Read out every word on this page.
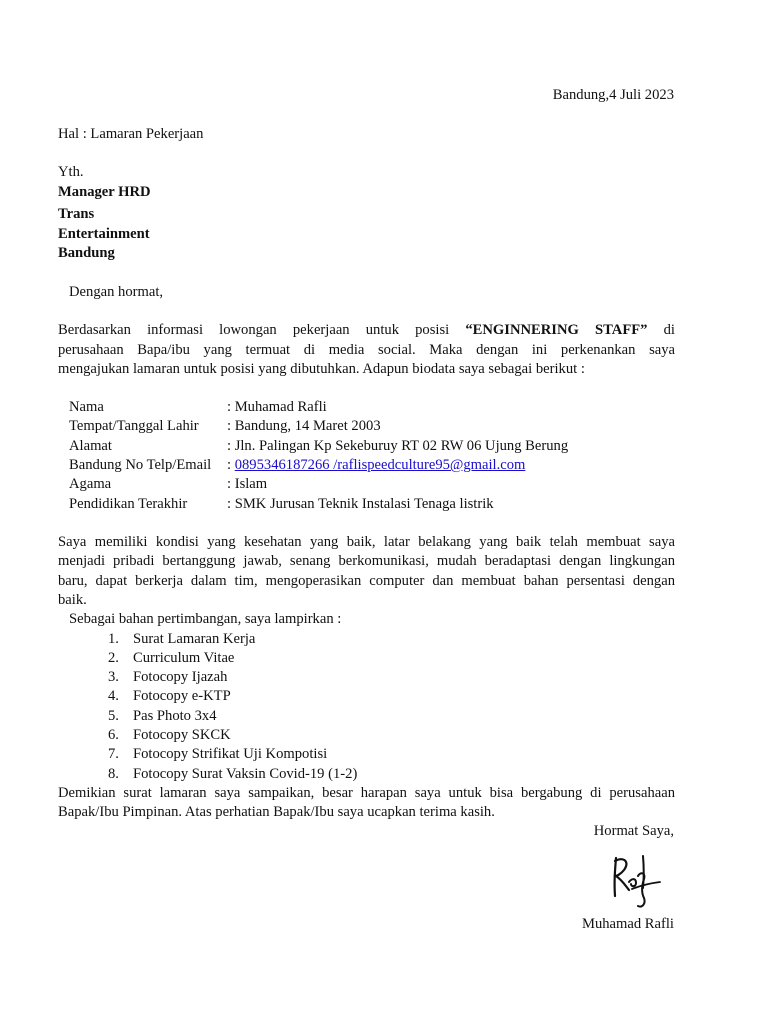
Bandung,4 Juli 2023
Hal : Lamaran Pekerjaan
Yth.
Manager HRD
Trans
Entertainment
Bandung
Dengan hormat,
Berdasarkan informasi lowongan pekerjaan untuk posisi “ENGINNERING STAFF” di
perusahaan Bapa/ibu yang termuat di media social. Maka dengan ini perkenankan saya
mengajukan lamaran untuk posisi yang dibutuhkan. Adapun biodata saya sebagai berikut :
Nama	: Muhamad Rafli
Tempat/Tanggal Lahir : Bandung, 14 Maret 2003
Alamat	: Jln. Palingan Kp Sekeburuy RT 02 RW 06 Ujung Berung
Bandung No Telp/Email : 0895346187266 /raflispeedculture95@gmail.com
Agama	: Islam
Pendidikan Terakhir	: SMK Jurusan Teknik Instalasi Tenaga listrik
Saya memiliki kondisi yang kesehatan yang baik, latar belakang yang baik telah membuat saya
menjadi pribadi bertanggung jawab, senang berkomunikasi, mudah beradaptasi dengan lingkungan
baru, dapat berkerja dalam tim, mengoperasikan computer dan membuat bahan persentasi dengan
baik.
Sebagai bahan pertimbangan, saya lampirkan :
1. Surat Lamaran Kerja
2. Curriculum Vitae
3. Fotocopy Ijazah
4. Fotocopy e-KTP
5. Pas Photo 3x4
6. Fotocopy SKCK
7. Fotocopy Strifikat Uji Kompotisi
8. Fotocopy Surat Vaksin Covid-19 (1-2)
Demikian surat lamaran saya sampaikan, besar harapan saya untuk bisa bergabung di perusahaan
Bapak/Ibu Pimpinan. Atas perhatian Bapak/Ibu saya ucapkan terima kasih.
Hormat Saya,
Muhamad Rafli
